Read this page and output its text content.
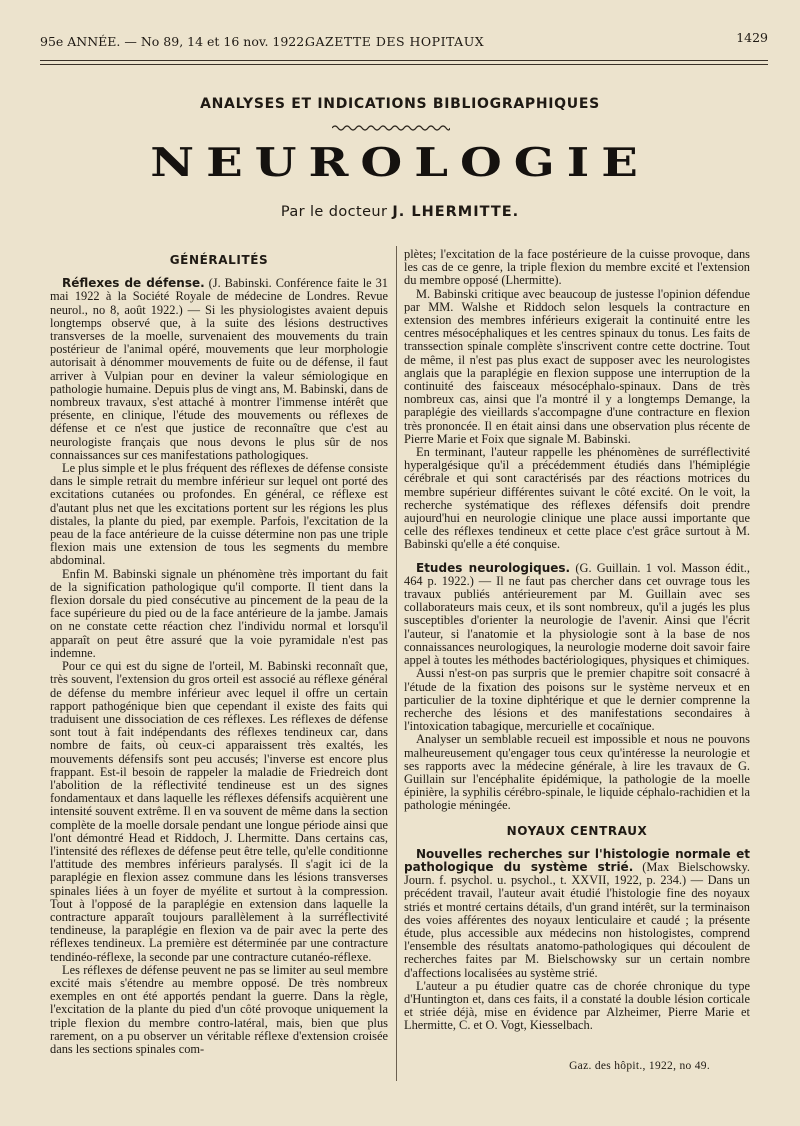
95e ANNÉE. — No 89, 14 et 16 nov. 1922.
GAZETTE DES HOPITAUX	1429
ANALYSES ET INDICATIONS BIBLIOGRAPHIQUES
NEUROLOGIE
Par le docteur J. LHERMITTE.
GÉNÉRALITÉS

Réflexes de défense. (J. Babinski. Conférence faite le 31 mai 1922 à la Société Royale de médecine de Londres. Revue neurol., no 8, août 1922.) — Si les physiologistes avaient depuis longtemps observé que, à la suite des lésions destructives transverses de la moelle, survenaient des mouvements du train postérieur de l'animal opéré, mouvements que leur morphologie autorisait à dénommer mouvements de fuite ou de défense, il faut arriver à Vulpian pour en deviner la valeur sémiologique en pathologie humaine. Depuis plus de vingt ans, M. Babinski, dans de nombreux travaux, s'est attaché à montrer l'immense intérêt que présente, en clinique, l'étude des mouvements ou réflexes de défense et ce n'est que justice de reconnaître que c'est au neurologiste français que nous devons le plus sûr de nos connaissances sur ces manifestations pathologiques.

Le plus simple et le plus fréquent des réflexes de défense consiste dans le simple retrait du membre inférieur sur lequel ont porté des excitations cutanées ou profondes. En général, ce réflexe est d'autant plus net que les excitations portent sur les régions les plus distales, la plante du pied, par exemple. Parfois, l'excitation de la peau de la face antérieure de la cuisse détermine non pas une triple flexion mais une extension de tous les segments du membre abdominal.

Enfin M. Babinski signale un phénomène très important du fait de la signification pathologique qu'il comporte. Il tient dans la flexion dorsale du pied consécutive au pincement de la peau de la face supérieure du pied ou de la face antérieure de la jambe. Jamais on ne constate cette réaction chez l'individu normal et lorsqu'il apparaît on peut être assuré que la voie pyramidale n'est pas indemne.

Pour ce qui est du signe de l'orteil, M. Babinski reconnaît que, très souvent, l'extension du gros orteil est associé au réflexe général de défense du membre inférieur avec lequel il offre un certain rapport pathogénique bien que cependant il existe des faits qui traduisent une dissociation de ces réflexes. Les réflexes de défense sont tout à fait indépendants des réflexes tendineux car, dans nombre de faits, où ceux-ci apparaissent très exaltés, les mouvements défensifs sont peu accusés; l'inverse est encore plus frappant. Est-il besoin de rappeler la maladie de Friedreich dont l'abolition de la réflectivité tendineuse est un des signes fondamentaux et dans laquelle les réflexes défensifs acquièrent une intensité souvent extrême. Il en va souvent de même dans la section complète de la moelle dorsale pendant une longue période ainsi que l'ont démontré Head et Riddoch, J. Lhermitte. Dans certains cas, l'intensité des réflexes de défense peut être telle, qu'elle conditionne l'attitude des membres inférieurs paralysés. Il s'agit ici de la paraplégie en flexion assez commune dans les lésions transverses spinales liées à un foyer de myélite et surtout à la compression. Tout à l'opposé de la paraplégie en extension dans laquelle la contracture apparaît toujours parallèlement à la surréflectivité tendineuse, la paraplégie en flexion va de pair avec la perte des réflexes tendineux. La première est déterminée par une contracture tendinéo-réflexe, la seconde par une contracture cutanéo-réflexe.

Les réflexes de défense peuvent ne pas se limiter au seul membre excité mais s'étendre au membre opposé. De très nombreux exemples en ont été apportés pendant la guerre. Dans la règle, l'excitation de la plante du pied d'un côté provoque uniquement la triple flexion du membre contro-latéral, mais, bien que plus rarement, on a pu observer un véritable réflexe d'extension croisée dans les sections spinales com-

plètes; l'excitation de la face postérieure de la cuisse provoque, dans les cas de ce genre, la triple flexion du membre excité et l'extension du membre opposé (Lhermitte).

M. Babinski critique avec beaucoup de justesse l'opinion défendue par MM. Walshe et Riddoch selon lesquels la contracture en extension des membres inférieurs exigerait la continuité entre les centres mésocéphaliques et les centres spinaux du tonus. Les faits de transsection spinale complète s'inscrivent contre cette doctrine. Tout de même, il n'est pas plus exact de supposer avec les neurologistes anglais que la paraplégie en flexion suppose une interruption de la continuité des faisceaux mésocéphalo-spinaux. Dans de très nombreux cas, ainsi que l'a montré il y a longtemps Demange, la paraplégie des vieillards s'accompagne d'une contracture en flexion très prononcée. Il en était ainsi dans une observation plus récente de Pierre Marie et Foix que signale M. Babinski.

En terminant, l'auteur rappelle les phénomènes de surréflectivité hyperalgésique qu'il a précédemment étudiés dans l'hémiplégie cérébrale et qui sont caractérisés par des réactions motrices du membre supérieur différentes suivant le côté excité. On le voit, la recherche systématique des réflexes défensifs doit prendre aujourd'hui en neurologie clinique une place aussi importante que celle des réflexes tendineux et cette place c'est grâce surtout à M. Babinski qu'elle a été conquise.

Etudes neurologiques. (G. Guillain. 1 vol. Masson édit., 464 p. 1922.) — Il ne faut pas chercher dans cet ouvrage tous les travaux publiés antérieurement par M. Guillain avec ses collaborateurs mais ceux, et ils sont nombreux, qu'il a jugés les plus susceptibles d'orienter la neurologie de l'avenir. Ainsi que l'écrit l'auteur, si l'anatomie et la physiologie sont à la base de nos connaissances neurologiques, la neurologie moderne doit savoir faire appel à toutes les méthodes bactériologiques, physiques et chimiques.

Aussi n'est-on pas surpris que le premier chapitre soit consacré à l'étude de la fixation des poisons sur le système nerveux et en particulier de la toxine diphtérique et que le dernier comprenne la recherche des lésions et des manifestations secondaires à l'intoxication tabagique, mercurielle et cocaïnique.

Analyser un semblable recueil est impossible et nous ne pouvons malheureusement qu'engager tous ceux qu'intéresse la neurologie et ses rapports avec la médecine générale, à lire les travaux de G. Guillain sur l'encéphalite épidémique, la pathologie de la moelle épinière, la syphilis cérébro-spinale, le liquide céphalo-rachidien et la pathologie méningée.

NOYAUX CENTRAUX

Nouvelles recherches sur l'histologie normale et pathologique du système strié. (Max Bielschowsky. Journ. f. psychol. u. psychol., t. XXVII, 1922, p. 234.) — Dans un précédent travail, l'auteur avait étudié l'histologie fine des noyaux striés et montré certains détails, d'un grand intérêt, sur la terminaison des voies afférentes des noyaux lenticulaire et caudé ; la présente étude, plus accessible aux médecins non histologistes, comprend l'ensemble des résultats anatomo-pathologiques qui découlent de recherches faites par M. Bielschowsky sur un certain nombre d'affections localisées au système strié.

L'auteur a pu étudier quatre cas de chorée chronique du type d'Huntington et, dans ces faits, il a constaté la double lésion corticale et striée déjà, mise en évidence par Alzheimer, Pierre Marie et Lhermitte, C. et O. Vogt, Kiesselbach.

Gaz. des hôpit., 1922, no 49.
